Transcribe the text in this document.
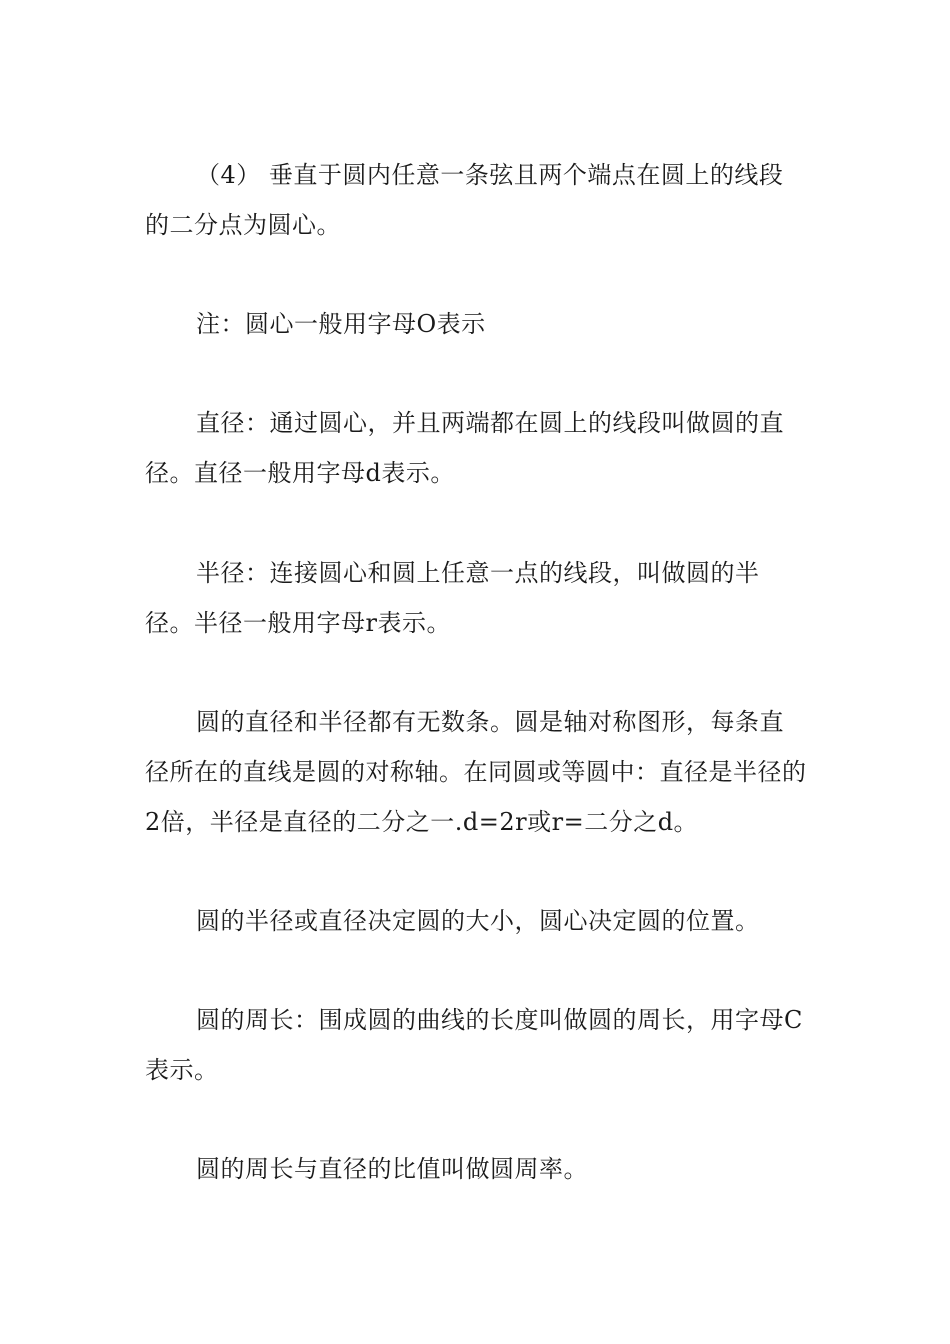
（4） 垂直于圆内任意一条弦且两个端点在圆上的线段的二分点为圆心。

注：圆心一般用字母O表示

直径：通过圆心，并且两端都在圆上的线段叫做圆的直径。直径一般用字母d表示。

半径：连接圆心和圆上任意一点的线段，叫做圆的半径。半径一般用字母r表示。

圆的直径和半径都有无数条。圆是轴对称图形，每条直径所在的直线是圆的对称轴。在同圆或等圆中：直径是半径的2倍，半径是直径的二分之一.d=2r或r=二分之d。

圆的半径或直径决定圆的大小，圆心决定圆的位置。

圆的周长：围成圆的曲线的长度叫做圆的周长，用字母C表示。

圆的周长与直径的比值叫做圆周率。
